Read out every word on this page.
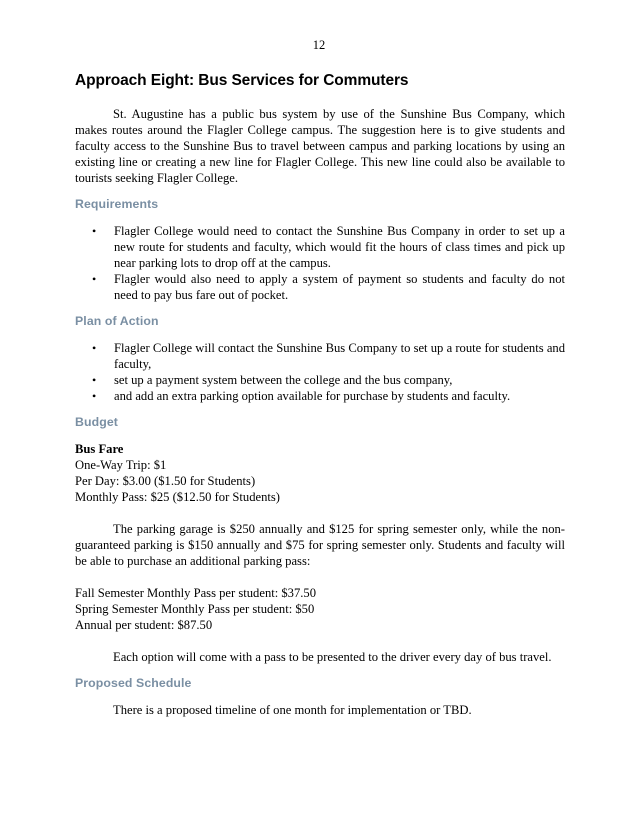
12
Approach Eight: Bus Services for Commuters

St. Augustine has a public bus system by use of the Sunshine Bus Company, which makes routes around the Flagler College campus. The suggestion here is to give students and faculty access to the Sunshine Bus to travel between campus and parking locations by using an existing line or creating a new line for Flagler College. This new line could also be available to tourists seeking Flagler College.

Requirements
• Flagler College would need to contact the Sunshine Bus Company in order to set up a new route for students and faculty, which would fit the hours of class times and pick up near parking lots to drop off at the campus.
• Flagler would also need to apply a system of payment so students and faculty do not need to pay bus fare out of pocket.
Plan of Action
• Flagler College will contact the Sunshine Bus Company to set up a route for students and faculty,
• set up a payment system between the college and the bus company,
• and add an extra parking option available for purchase by students and faculty.
Budget
Bus Fare
One-Way Trip: $1
Per Day: $3.00 ($1.50 for Students)
Monthly Pass: $25 ($12.50 for Students)

The parking garage is $250 annually and $125 for spring semester only, while the non-guaranteed parking is $150 annually and $75 for spring semester only. Students and faculty will be able to purchase an additional parking pass:

Fall Semester Monthly Pass per student: $37.50
Spring Semester Monthly Pass per student: $50
Annual per student: $87.50

Each option will come with a pass to be presented to the driver every day of bus travel.

Proposed Schedule

There is a proposed timeline of one month for implementation or TBD.
